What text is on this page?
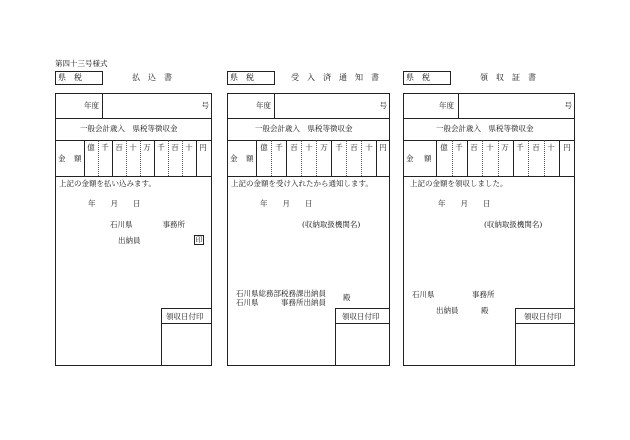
第四十三号様式
県　税	払　込　書
年度	号
一般会計歳入　県税等徴収金
金 額
億 千 百 十 万 千 百 十 円
上記の金額を払い込みます。
年　　月　　日
石川県　　　　事務所
出納員	印
領収日付印
県　税	受　入　済　通　知　書
年度	号
一般会計歳入　県税等徴収金
金 額
億	千	百	十	万	千	百	十 円
上記の金額を受け入れたから通知します。
年　　月　　日
(収納取扱機関名)
石川県総務部税務課出納員
石川県　　　事務所出納員
殿
領収日付印
県　税	領　収　証　書
年度	号
一般会計歳入　県税等徴収金
金 額
億	千	百	十	万	千	百	十	円
上記の金額を領収しました。
年　　月　　日
(収納取扱機関名)
石川県　　　　　事務所
出納員　　　殿
領収日付印
